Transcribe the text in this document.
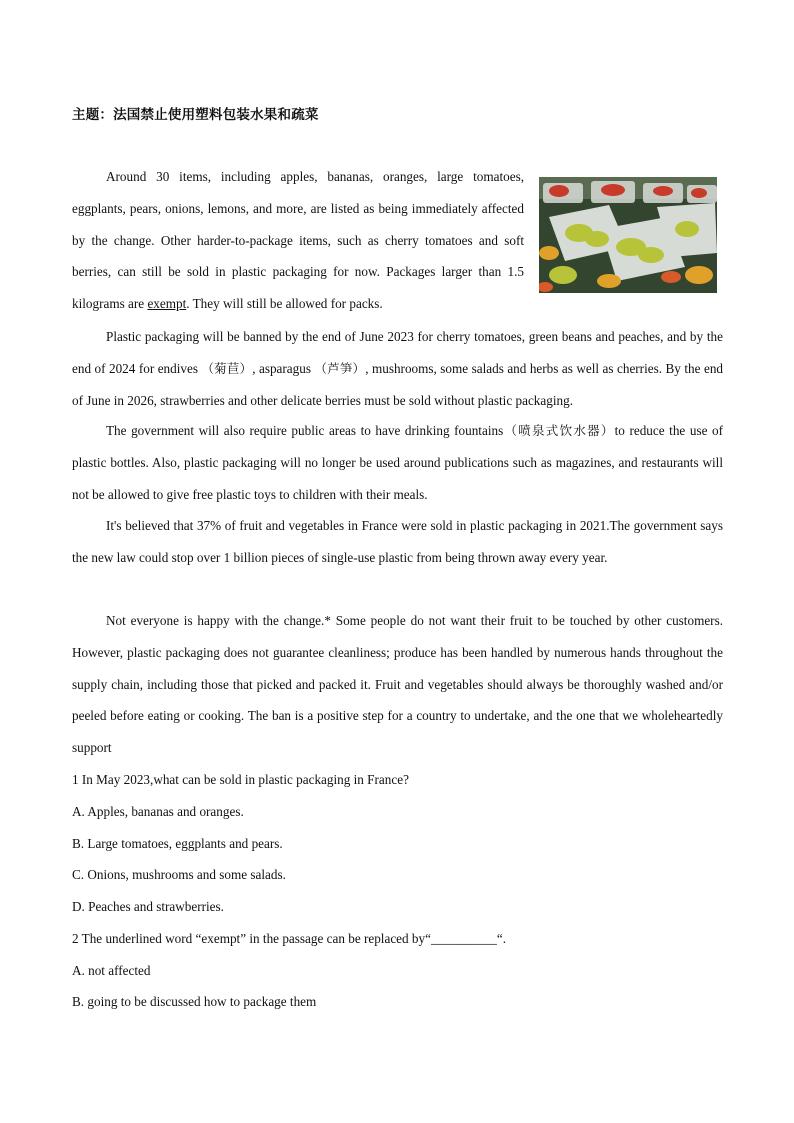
主题：法国禁止使用塑料包装水果和疏菜

Around 30 items, including apples, bananas, oranges, large tomatoes, eggplants, pears, onions, lemons, and more, are listed as being immediately affected by the change. Other harder-to-package items, such as cherry tomatoes and soft berries, can still be sold in plastic packaging for now. Packages larger than 1.5 kilograms are exempt. They will still be allowed for packs.

Plastic packaging will be banned by the end of June 2023 for cherry tomatoes, green beans and peaches, and by the end of 2024 for endives （菊苣）, asparagus （芦笋）, mushrooms, some salads and herbs as well as cherries. By the end of June in 2026, strawberries and other delicate berries must be sold without plastic packaging.

The government will also require public areas to have drinking fountains（喷泉式饮水器）to reduce the use of plastic bottles. Also, plastic packaging will no longer be used around publications such as magazines, and restaurants will not be allowed to give free plastic toys to children with their meals.

It's believed that 37% of fruit and vegetables in France were sold in plastic packaging in 2021.The government says the new law could stop over 1 billion pieces of single-use plastic from being thrown away every year.

Not everyone is happy with the change.* Some people do not want their fruit to be touched by other customers. However, plastic packaging does not guarantee cleanliness; produce has been handled by numerous hands throughout the supply chain, including those that picked and packed it. Fruit and vegetables should always be thoroughly washed and/or peeled before eating or cooking. The ban is a positive step for a country to undertake, and the one that we wholeheartedly support

1 In May 2023,what can be sold in plastic packaging in France?
A. Apples, bananas and oranges.
B. Large tomatoes, eggplants and pears.
C. Onions, mushrooms and some salads.
D. Peaches and strawberries.
2 The underlined word “exempt” in the passage can be replaced by“__________“.
A. not affected
B. going to be discussed how to package them
